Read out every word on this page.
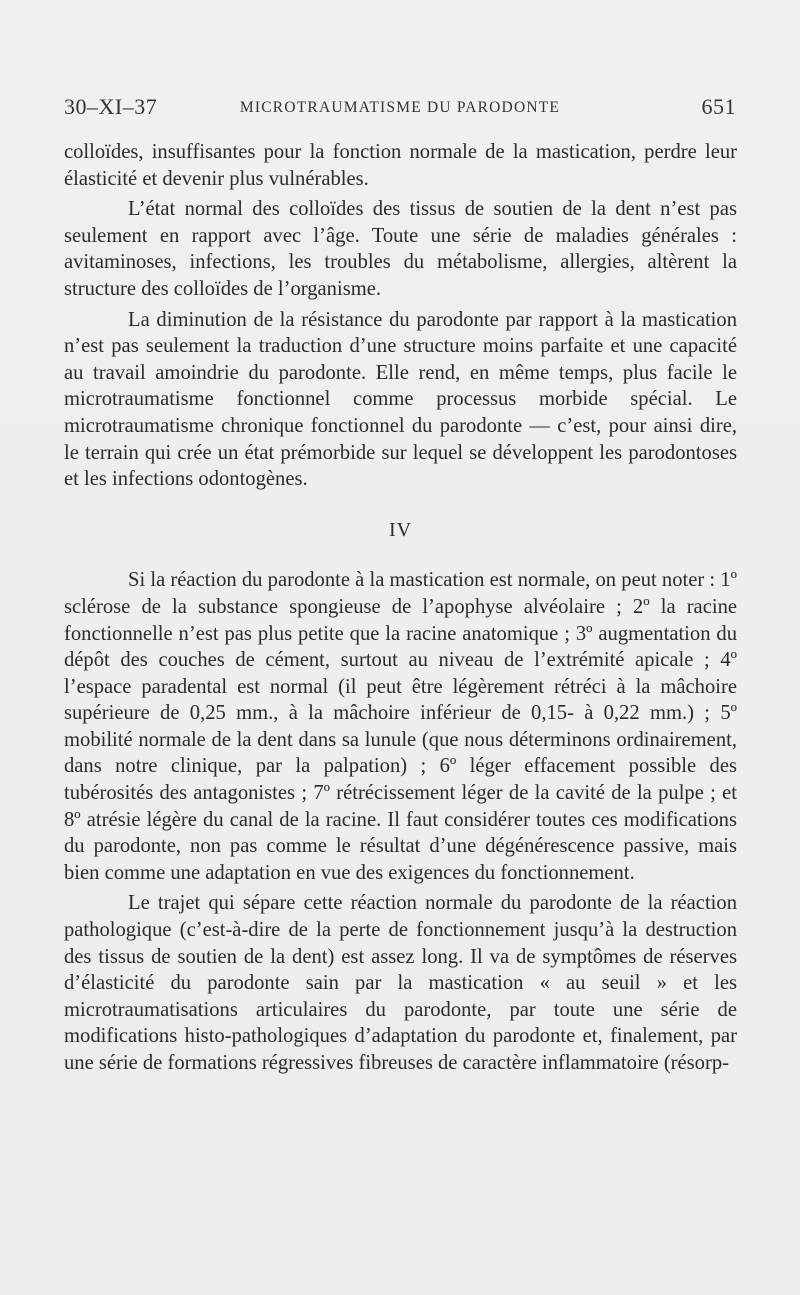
30–XI–37	MICROTRAUMATISME DU PARODONTE	651

colloïdes, insuffisantes pour la fonction normale de la mastication, perdre leur élasticité et devenir plus vulnérables.

L’état normal des colloïdes des tissus de soutien de la dent n’est pas seulement en rapport avec l’âge. Toute une série de maladies générales : avitaminoses, infections, les troubles du métabolisme, allergies, altèrent la structure des colloïdes de l’organisme.

La diminution de la résistance du parodonte par rapport à la mastication n’est pas seulement la traduction d’une structure moins parfaite et une capacité au travail amoindrie du parodonte. Elle rend, en même temps, plus facile le microtraumatisme fonctionnel comme processus morbide spécial. Le microtraumatisme chronique fonctionnel du parodonte — c’est, pour ainsi dire, le terrain qui crée un état prémorbide sur lequel se développent les parodontoses et les infections odontogènes.

IV

Si la réaction du parodonte à la mastication est normale, on peut noter : 1º sclérose de la substance spongieuse de l’apophyse alvéolaire ; 2º la racine fonctionnelle n’est pas plus petite que la racine anatomique ; 3º augmentation du dépôt des couches de cément, surtout au niveau de l’extrémité apicale ; 4º l’espace paradental est normal (il peut être légèrement rétréci à la mâchoire supérieure de 0,25 mm., à la mâchoire inférieur de 0,15- à 0,22 mm.) ; 5º mobilité normale de la dent dans sa lunule (que nous déterminons ordinairement, dans notre clinique, par la palpation) ; 6º léger effacement possible des tubérosités des antagonistes ; 7º rétrécissement léger de la cavité de la pulpe ; et 8º atrésie légère du canal de la racine. Il faut considérer toutes ces modifications du parodonte, non pas comme le résultat d’une dégénérescence passive, mais bien comme une adaptation en vue des exigences du fonctionnement.

Le trajet qui sépare cette réaction normale du parodonte de la réaction pathologique (c’est-à-dire de la perte de fonctionnement jusqu’à la destruction des tissus de soutien de la dent) est assez long. Il va de symptômes de réserves d’élasticité du parodonte sain par la mastication « au seuil » et les microtraumatisations articulaires du parodonte, par toute une série de modifications histo-pathologiques d’adaptation du parodonte et, finalement, par une série de formations régressives fibreuses de caractère inflammatoire (résorp-
